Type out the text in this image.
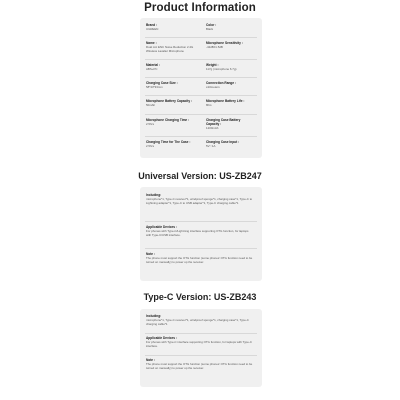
Product Information
Brand :
UGREEN
Color :
Black
Name :
Dual mic ENC Noise Reduction 2.4G Wireless Lavalier Microphone
Microphone Sensitivity :
-42dB±1.5dB
Material :
ABS+PC
Weight :
117g (microphone 6.7g)
Charging Case Size :
58*43*33mm
Connection Range :
≤10meters
Microphone Battery Capacity :
50mAh
Microphone Battery Life :
8hrs
Microphone Charging Time :
2.5hrs
Charging Case Battery Capacity :
1200mAh
Charging Time for The Case :
2.5hrs
Charging Case Input :
5V⎓1A
Universal Version: US-ZB247
Including:
microphone*1, Type-C receiver*1, windproof sponge*1, charging case*1, Type-C to Lightning adapter*1, Type-C to USB adapter*1, Type-C charging cable*1
Applicable Devices :
For phones with Type-C/Lightning interface supporting OTG function, for laptops with Type-C/USB interface.
Note :
The phone must support the OTG function (some phones' OTG function need to be turned on manually) to power up the receiver.
Type-C Version: US-ZB243
Including:
microphone*1, Type-C receiver*1, windproof sponge*1, charging case*1, Type-C charging cable*1
Applicable Devices :
For phones with Type-C interface supporting OTG function, for laptops with Type-C interface.
Note :
The phone must support the OTG function (some phones' OTG function need to be turned on manually) to power up the receiver.
